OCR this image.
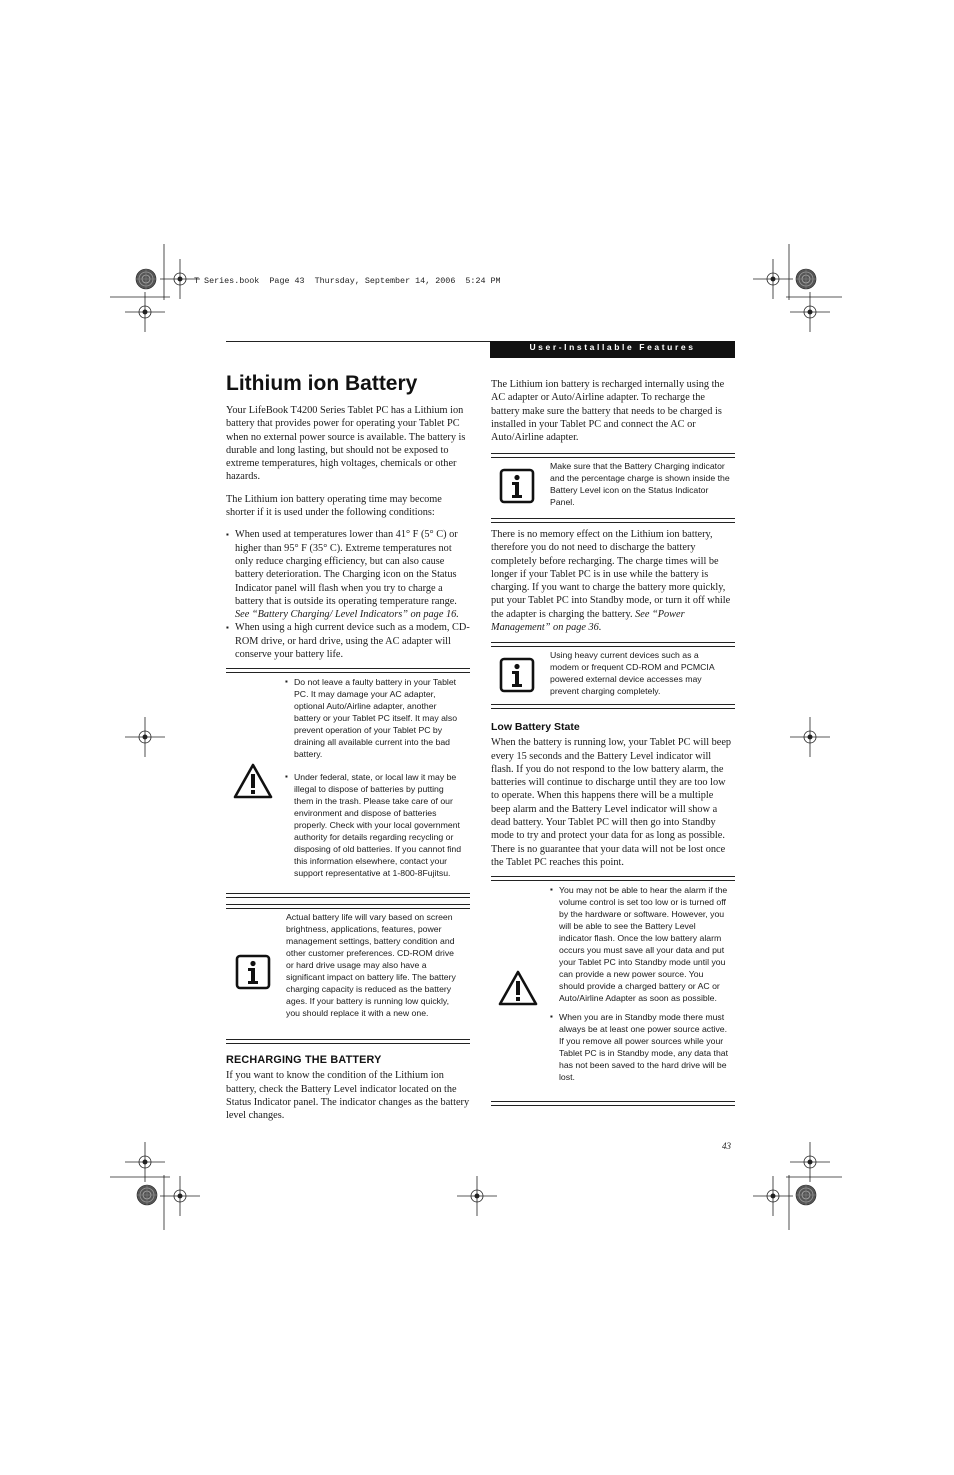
T Series.book  Page 43  Thursday, September 14, 2006  5:24 PM
User-Installable Features
Lithium ion Battery

Your LifeBook T4200 Series Tablet PC has a Lithium ion battery that provides power for operating your Tablet PC when no external power source is available. The battery is durable and long lasting, but should not be exposed to extreme temperatures, high voltages, chemicals or other hazards.

The Lithium ion battery operating time may become shorter if it is used under the following conditions:

▪ When used at temperatures lower than 41° F (5° C) or higher than 95° F (35° C). Extreme temperatures not only reduce charging efficiency, but can also cause battery deterioration. The Charging icon on the Status Indicator panel will flash when you try to charge a battery that is outside its operating temperature range. See “Battery Charging/ Level Indicators” on page 16.
▪ When using a high current device such as a modem, CD-ROM drive, or hard drive, using the AC adapter will conserve your battery life.
▪ Do not leave a faulty battery in your Tablet PC. It may damage your AC adapter, optional Auto/Airline adapter, another battery or your Tablet PC itself. It may also prevent operation of your Tablet PC by draining all available current into the bad battery.
▪ Under federal, state, or local law it may be illegal to dispose of batteries by putting them in the trash. Please take care of our environment and dispose of batteries properly. Check with your local government authority for details regarding recycling or disposing of old batteries. If you cannot find this information elsewhere, contact your support representative at 1-800-8Fujitsu.
Actual battery life will vary based on screen brightness, applications, features, power management settings, battery condition and other customer preferences. CD-ROM drive or hard drive usage may also have a significant impact on battery life. The battery charging capacity is reduced as the battery ages. If your battery is running low quickly, you should replace it with a new one.
RECHARGING THE BATTERY

If you want to know the condition of the Lithium ion battery, check the Battery Level indicator located on the Status Indicator panel. The indicator changes as the battery level changes.

The Lithium ion battery is recharged internally using the AC adapter or Auto/Airline adapter. To recharge the battery make sure the battery that needs to be charged is installed in your Tablet PC and connect the AC or Auto/Airline adapter.

Make sure that the Battery Charging indicator and the percentage charge is shown inside the Battery Level icon on the Status Indicator Panel.

There is no memory effect on the Lithium ion battery, therefore you do not need to discharge the battery completely before recharging. The charge times will be longer if your Tablet PC is in use while the battery is charging. If you want to charge the battery more quickly, put your Tablet PC into Standby mode, or turn it off while the adapter is charging the battery. See “Power Management” on page 36.

Using heavy current devices such as a modem or frequent CD-ROM and PCMCIA powered external device accesses may prevent charging completely.
Low Battery State

When the battery is running low, your Tablet PC will beep every 15 seconds and the Battery Level indicator will flash. If you do not respond to the low battery alarm, the batteries will continue to discharge until they are too low to operate. When this happens there will be a multiple beep alarm and the Battery Level indicator will show a dead battery. Your Tablet PC will then go into Standby mode to try and protect your data for as long as possible. There is no guarantee that your data will not be lost once the Tablet PC reaches this point.

▪ You may not be able to hear the alarm if the volume control is set too low or is turned off by the hardware or software. However, you will be able to see the Battery Level indicator flash. Once the low battery alarm occurs you must save all your data and put your Tablet PC into Standby mode until you can provide a new power source. You should provide a charged battery or AC or Auto/Airline Adapter as soon as possible.
▪ When you are in Standby mode there must always be at least one power source active. If you remove all power sources while your Tablet PC is in Standby mode, any data that has not been saved to the hard drive will be lost.
43
